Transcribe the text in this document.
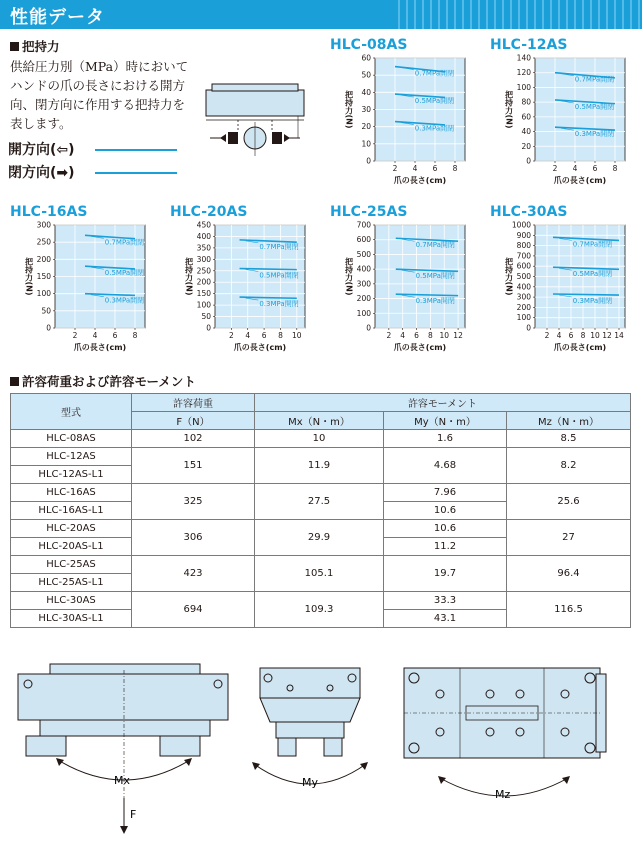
性能データ
把持力
供給圧力別（MPa）時において
ハンドの爪の長さにおける開方
向、閉方向に作用する把持力を
表します。
開方向(⇦)
閉方向(➡)
HLC-08AS
0
10
20
30
40
50
60
2 4 6 8
爪の長さ(cm)
把持力(N)
0.7MPa開閉
0.5MPa開閉
0.3MPa開閉
HLC-12AS
0
20
40
60
80
100
120
140
2 4 6 8
爪の長さ(cm)
把持力(N)
0.7MPa開閉
0.5MPa開閉
0.3MPa開閉
HLC-16AS
0
50
100
150
200
250
300
2 4 6 8
爪の長さ(cm)
把持力(N)
0.7MPa開閉
0.5MPa開閉
0.3MPa開閉
HLC-20AS
0
50
100
150
200
250
300
350
400
450
2 4 6 8 10
爪の長さ(cm)
把持力(N)
0.7MPa開閉
0.5MPa開閉
0.3MPa開閉
HLC-25AS
0
100
200
300
400
500
600
700
2 4 6 8 10 12
爪の長さ(cm)
把持力(N)
0.7MPa開閉
0.5MPa開閉
0.3MPa開閉
HLC-30AS
0
100
200
300
400
500
600
700
800
900
1000
2 4 6 8 10 12 14
爪の長さ(cm)
把持力(N)
0.7MPa開閉
0.5MPa開閉
0.3MPa開閉
許容荷重および許容モーメント
型式	許容荷重	許容モーメント		
	F（N）	Mx（N・m）	My（N・m）	Mz（N・m）
HLC-08AS	102	10	1.6	8.5
HLC-12AS	151	11.9	4.68	8.2
HLC-12AS-L1				
HLC-16AS	325	27.5	7.96	25.6
HLC-16AS-L1			10.6	
HLC-20AS	306	29.9	10.6	27
HLC-20AS-L1			11.2	
HLC-25AS	423	105.1	19.7	96.4
HLC-25AS-L1				
HLC-30AS	694	109.3	33.3	116.5
HLC-30AS-L1			43.1	
Mx
F
My
Mz
